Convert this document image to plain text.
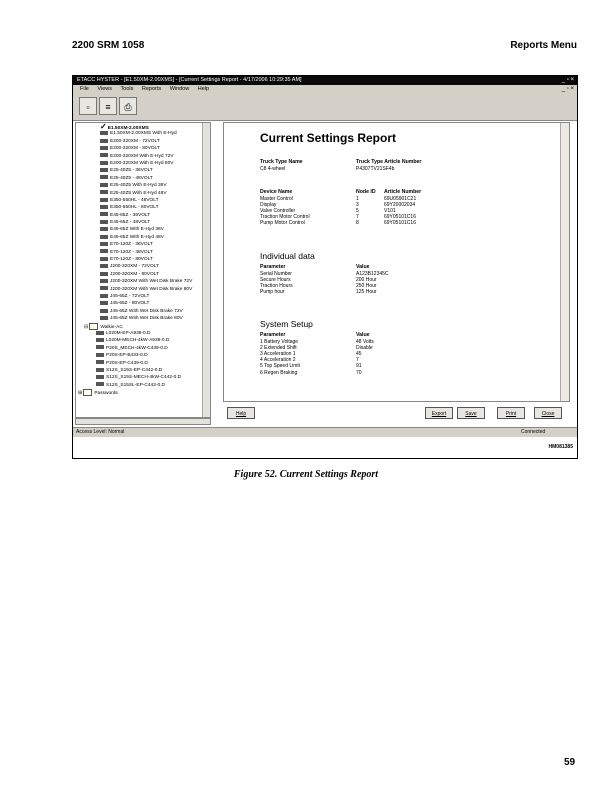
2200 SRM 1058	Reports Menu
ETACC HYSTER - [E1.50XM-2.00XMS] - [Current Settings Report - 4/17/2006 10:29:35 AM]	_ ▫ ×
File Views Tools Reports Window Help	_ ▫ ×
▫	≡	⎙
✓E1.50XM-2.00XMS
E1.50XM-2.00XMS With E-Hyd
E200-320XM - 72VOLT
E200-320XM - 80VOLT
E200-320XM With E-Hyd 72V
E200-320XM With E-Hyd 80V
E25-40Z5 - 36VOLT
E25-40Z5 - 48VOLT
E25-40Z5 With E-Hyd 36V
E25-40Z5 With E-Hyd 48V
E350-550HL - 48VOLT
E350-550HL - 80VOLT
E45-65Z - 36VOLT
E45-65Z - 48VOLT
E45-65Z With E-Hyd 36V
E45-65Z With E-Hyd 48V
E70-120Z - 36VOLT
E70-120Z - 48VOLT
E70-120Z - 80VOLT
J200-320XM - 72VOLT
J200-320XM - 80VOLT
J200-320XM With Wet Disk Brake 72V
J200-320XM With Wet Disk Brake 80V
J45-65Z - 72VOLT
J45-65Z - 80VOLT
J45-65Z With Wet Disk Brake 72V
J45-65Z With Wet Disk Brake 80V
⊟ Walkie-AC
L020M-EP-A939-0.D
L020M-MECH-4kW-A939-0.D
P20S_MECH-4kW-C439-0.D
P20S-EP-B433-0.D
P20S-EP-C439-0.D
S12S_S15S-EP-C442-0.D
S12S_S15S-MECH-4kW-C442-0.D
S12S_S15SL-EP-C442-0.D
⊞ Passwords
Current Settings Report
Truck Type Name	Truck Type Article Number
C8 4-wheel	P4307TV21SF4b
Device Name	Node ID Article Number
Master Control	1	69U05901C21
Display	3	69Y20002034
Valve Controller	5	V101
Traction Motor Control	7	69Y05101C16
Pump Motor Control	8	69Y05101C16
Individual data
Parameter	Value
Serial Number	A123B12345C
Secure Hours	200 Hour
Traction Hours	250 Hour
Pump hour	125 Hour
System Setup
Parameter	Value
1 Battery Voltage	48 Volts
2 Extended Shift	Disable
3 Acceleration 1	45
4 Acceleration 2	7
5 Top Speed Limit	91
6 Regen Braking	70
Help	Export	Save	Print	Close
Access Level: Normal	Connected
HM081385
Figure 52. Current Settings Report
59
